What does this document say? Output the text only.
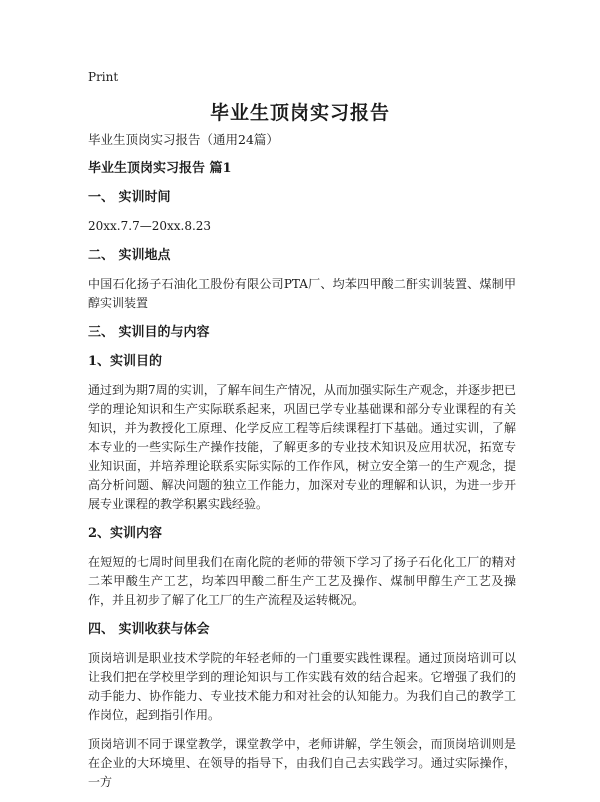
Print
毕业生顶岗实习报告

毕业生顶岗实习报告（通用24篇）

毕业生顶岗实习报告 篇1

一、 实训时间

20xx.7.7—20xx.8.23

二、 实训地点

中国石化扬子石油化工股份有限公司PTA厂、均苯四甲酸二酐实训装置、煤制甲醇实训装置

三、 实训目的与内容

1、实训目的

通过到为期7周的实训，了解车间生产情况，从而加强实际生产观念，并逐步把已学的理论知识和生产实际联系起来，巩固已学专业基础课和部分专业课程的有关知识，并为教授化工原理、化学反应工程等后续课程打下基础。通过实训，了解本专业的一些实际生产操作技能，了解更多的专业技术知识及应用状况，拓宽专业知识面，并培养理论联系实际实际的工作作风，树立安全第一的生产观念，提高分析问题、解决问题的独立工作能力，加深对专业的理解和认识，为进一步开展专业课程的教学积累实践经验。

2、实训内容

在短短的七周时间里我们在南化院的老师的带领下学习了扬子石化化工厂的精对二苯甲酸生产工艺，均苯四甲酸二酐生产工艺及操作、煤制甲醇生产工艺及操作，并且初步了解了化工厂的生产流程及运转概况。

四、 实训收获与体会

顶岗培训是职业技术学院的年轻老师的一门重要实践性课程。通过顶岗培训可以让我们把在学校里学到的理论知识与工作实践有效的结合起来。它增强了我们的动手能力、协作能力、专业技术能力和对社会的认知能力。为我们自己的教学工作岗位，起到指引作用。

顶岗培训不同于课堂教学，课堂教学中，老师讲解，学生领会，而顶岗培训则是在企业的大环境里、在领导的指导下，由我们自己去实践学习。通过实际操作，一方
